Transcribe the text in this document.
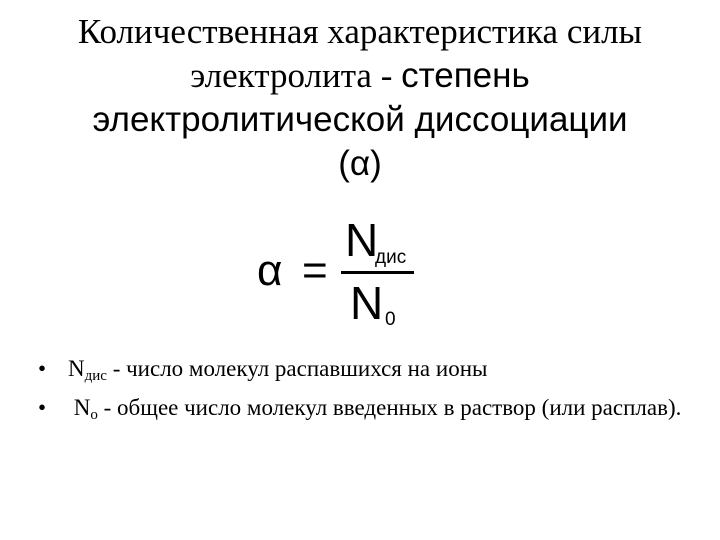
Количественная характеристика силы
электролита - степень
электролитической диссоциации
(α)
α =
N
дис
N 0
• $N_{дис}$ - число молекул распавшихся на ионы
• $N_о$ - общее число молекул введенных в раствор (или расплав).
